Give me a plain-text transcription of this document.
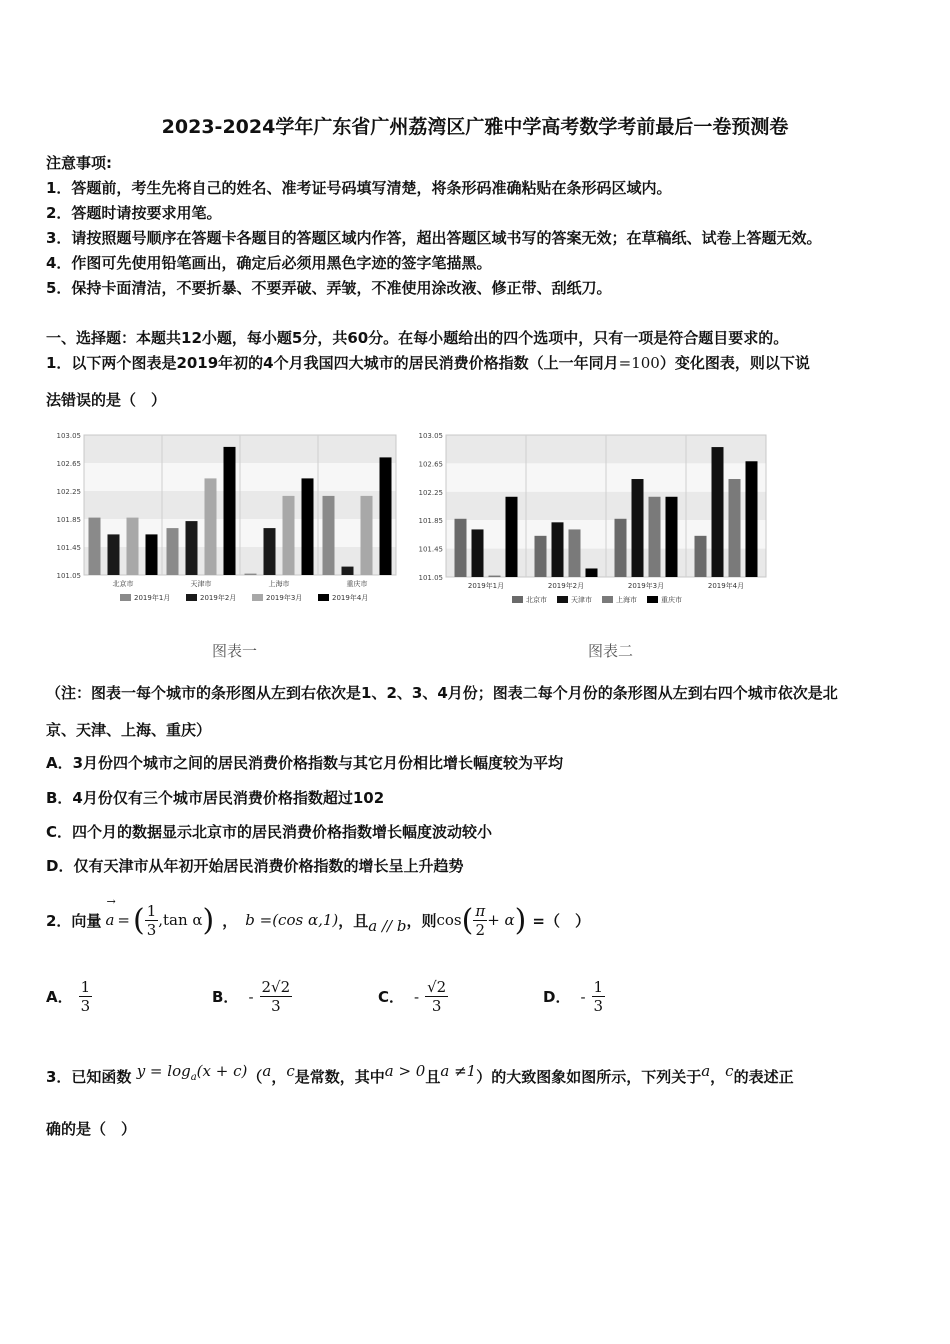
2023-2024学年广东省广州荔湾区广雅中学高考数学考前最后一卷预测卷
注意事项:
1．答题前，考生先将自己的姓名、准考证号码填写清楚，将条形码准确粘贴在条形码区域内。
2．答题时请按要求用笔。
3．请按照题号顺序在答题卡各题目的答题区域内作答，超出答题区域书写的答案无效；在草稿纸、试卷上答题无效。
4．作图可先使用铅笔画出，确定后必须用黑色字迹的签字笔描黑。
5．保持卡面清洁，不要折暴、不要弄破、弄皱，不准使用涂改液、修正带、刮纸刀。
一、选择题：本题共12小题，每小题5分，共60分。在每小题给出的四个选项中，只有一项是符合题目要求的。
1．以下两个图表是2019年初的4个月我国四大城市的居民消费价格指数（上一年同月=100）变化图表，则以下说
法错误的是（　）
103.05
102.65
102.25
101.85
101.45
101.05
北京市	天津市	上海市	重庆市
2019年1月	2019年2月	2019年3月	2019年4月
图表一
103.05
102.65
102.25
101.85
101.45
101.05
2019年1月	2019年2月	2019年3月	2019年4月
北京市	天津市	上海市	重庆市
图表二
（注：图表一每个城市的条形图从左到右依次是1、2、3、4月份；图表二每个月份的条形图从左到右四个城市依次是北
京、天津、上海、重庆）
A．3月份四个城市之间的居民消费价格指数与其它月份相比增长幅度较为平均
B．4月份仅有三个城市居民消费价格指数超过102
C．四个月的数据显示北京市的居民消费价格指数增长幅度波动较小
D．仅有天津市从年初开始居民消费价格指数的增长呈上升趋势
2．向量
→
a = ( $\frac{1}{3} ,\tan$ α ) ， b =(cos α,1) ，且 a // b ，则 cos ( $\frac{\pi}{2} + \alpha$ ) =（　）
A． $\frac{1}{3}$	B． - $\frac{2√2}{3}$	C． - $\frac{√2}{3}$	D． - $\frac{1}{3}$
3．已知函数 $y = \log_a(x + c)(a$，c是常数，其中a > 0且a ≠1）的大致图象如图所示，下列关于a，c的表述正
确的是（　）
